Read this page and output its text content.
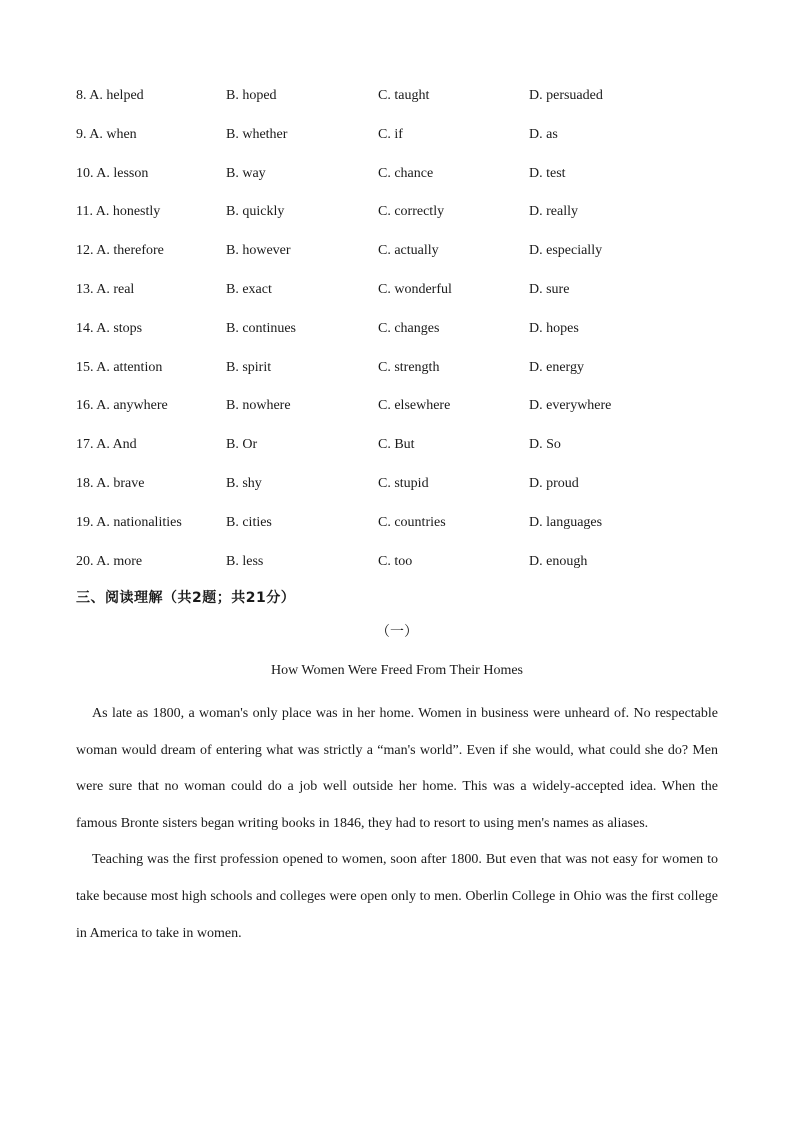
8. A. helped	B. hoped	C. taught	D. persuaded
9. A. when	B. whether	C. if	D. as
10. A. lesson	B. way	C. chance	D. test
11. A. honestly	B. quickly	C. correctly	D. really
12. A. therefore	B. however	C. actually	D. especially
13. A. real	B. exact	C. wonderful	D. sure
14. A. stops	B. continues	C. changes	D. hopes
15. A. attention	B. spirit	C. strength	D. energy
16. A. anywhere	B. nowhere	C. elsewhere	D. everywhere
17. A. And	B. Or	C. But	D. So
18. A. brave	B. shy	C. stupid	D. proud
19. A. nationalities	B. cities	C. countries	D. languages
20. A. more	B. less	C. too	D. enough
三、阅读理解（共2题；共21分）
（一）
How Women Were Freed From Their Homes

As late as 1800, a woman's only place was in her home. Women in business were unheard of. No respectable woman would dream of entering what was strictly a “man's world”. Even if she would, what could she do? Men were sure that no woman could do a job well outside her home. This was a widely-accepted idea. When the famous Bronte sisters began writing books in 1846, they had to resort to using men's names as aliases.

Teaching was the first profession opened to women, soon after 1800. But even that was not easy for women to take because most high schools and colleges were open only to men. Oberlin College in Ohio was the first college in America to take in women.
